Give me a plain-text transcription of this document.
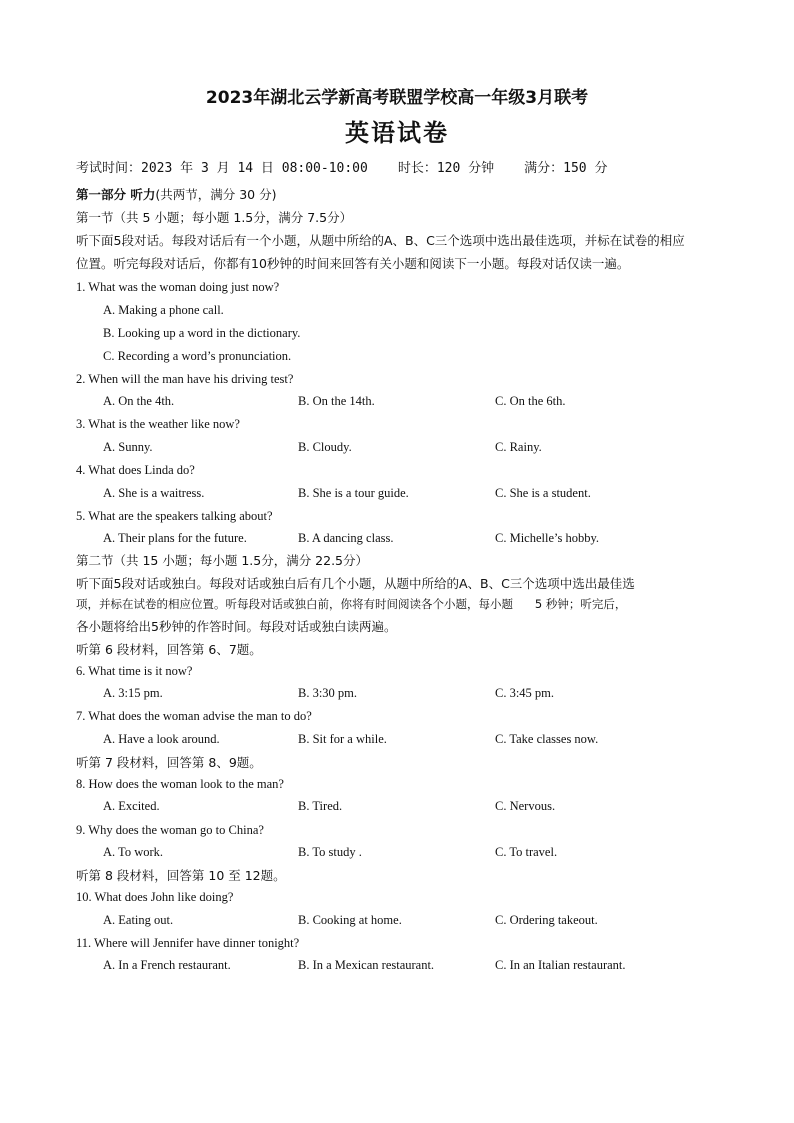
2023年湖北云学新高考联盟学校高一年级3月联考
英语试卷
考试时间：2023 年 3 月 14 日 08:00-10:00 时长：120 分钟 满分：150 分
第一部分 听力(共两节，满分 30 分)
第一节（共 5 小题；每小题 1.5分，满分 7.5分）
听下面5段对话。每段对话后有一个小题，从题中所给的A、B、C三个选项中选出最佳选项，并标在试卷的相应
位置。听完每段对话后，你都有10秒钟的时间来回答有关小题和阅读下一小题。每段对话仅读一遍。
1. What was the woman doing just now?
A. Making a phone call.
B. Looking up a word in the dictionary.
C. Recording a word’s pronunciation.
2. When will the man have his driving test?
A. On the 4th.	B. On the 14th.	C. On the 6th.
3. What is the weather like now?
A. Sunny.	B. Cloudy.	C. Rainy.
4. What does Linda do?
A. She is a waitress.	B. She is a tour guide.	C. She is a student.
5. What are the speakers talking about?
A. Their plans for the future.	B. A dancing class.	C. Michelle’s hobby.
第二节（共 15 小题；每小题 1.5分，满分 22.5分）
听下面5段对话或独白。每段对话或独白后有几个小题，从题中所给的A、B、C三个选项中选出最佳选
项，并标在试卷的相应位置。听每段对话或独白前，你将有时间阅读各个小题，每小题      5 秒钟；听完后，
各小题将给出5秒钟的作答时间。每段对话或独白读两遍。
听第 6 段材料，回答第 6、7题。
6. What time is it now?
A. 3:15 pm.	B. 3:30 pm.	C. 3:45 pm.
7. What does the woman advise the man to do?
A. Have a look around.	B. Sit for a while.	C. Take classes now.
听第 7 段材料，回答第 8、9题。
8. How does the woman look to the man?
A. Excited.	B. Tired.	C. Nervous.
9. Why does the woman go to China?
A. To work.	B. To study .	C. To travel.
听第 8 段材料，回答第 10 至 12题。
10. What does John like doing?
A. Eating out.	B. Cooking at home.	C. Ordering takeout.
11. Where will Jennifer have dinner tonight?
A. In a French restaurant.	B. In a Mexican restaurant.	C. In an Italian restaurant.
